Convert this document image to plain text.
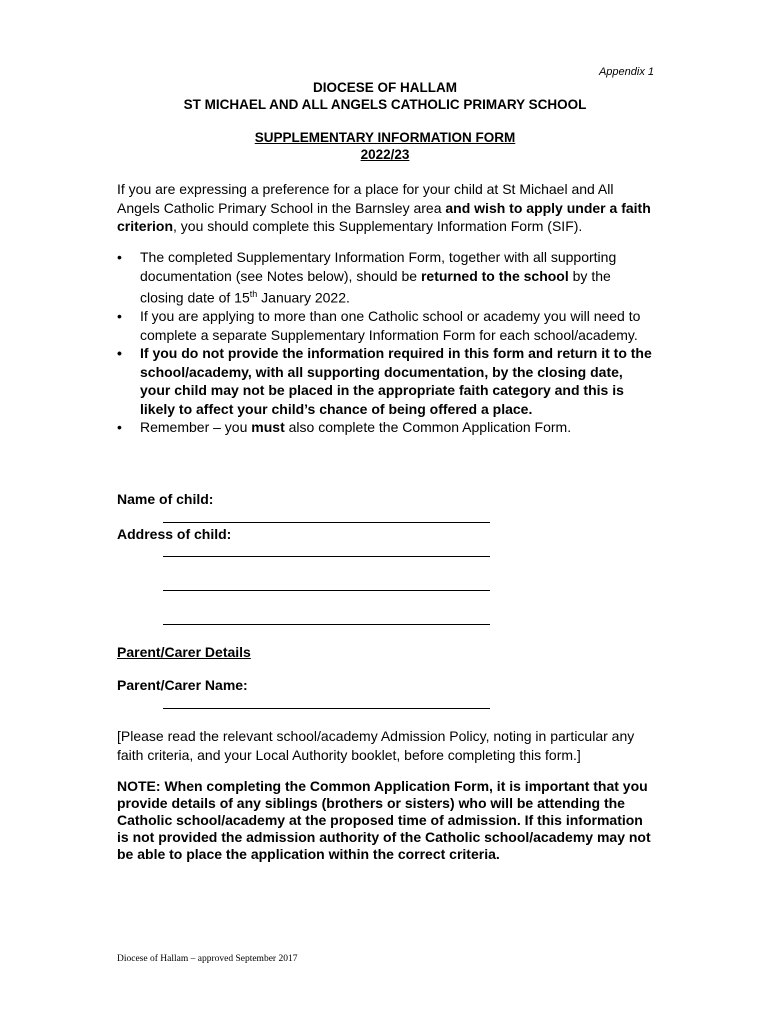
Appendix 1
DIOCESE OF HALLAM
ST MICHAEL AND ALL ANGELS CATHOLIC PRIMARY SCHOOL
SUPPLEMENTARY INFORMATION FORM
2022/23
If you are expressing a preference for a place for your child at St Michael and All Angels Catholic Primary School in the Barnsley area and wish to apply under a faith criterion, you should complete this Supplementary Information Form (SIF).
• The completed Supplementary Information Form, together with all supporting documentation (see Notes below), should be returned to the school by the closing date of 15th January 2022.
• If you are applying to more than one Catholic school or academy you will need to complete a separate Supplementary Information Form for each school/academy.
• If you do not provide the information required in this form and return it to the school/academy, with all supporting documentation, by the closing date, your child may not be placed in the appropriate faith category and this is likely to affect your child’s chance of being offered a place.
• Remember – you must also complete the Common Application Form.
Name of child:
Address of child:
Parent/Carer Details
Parent/Carer Name:
[Please read the relevant school/academy Admission Policy, noting in particular any faith criteria, and your Local Authority booklet, before completing this form.]
NOTE: When completing the Common Application Form, it is important that you provide details of any siblings (brothers or sisters) who will be attending the Catholic school/academy at the proposed time of admission. If this information is not provided the admission authority of the Catholic school/academy may not be able to place the application within the correct criteria.
Diocese of Hallam – approved September 2017
